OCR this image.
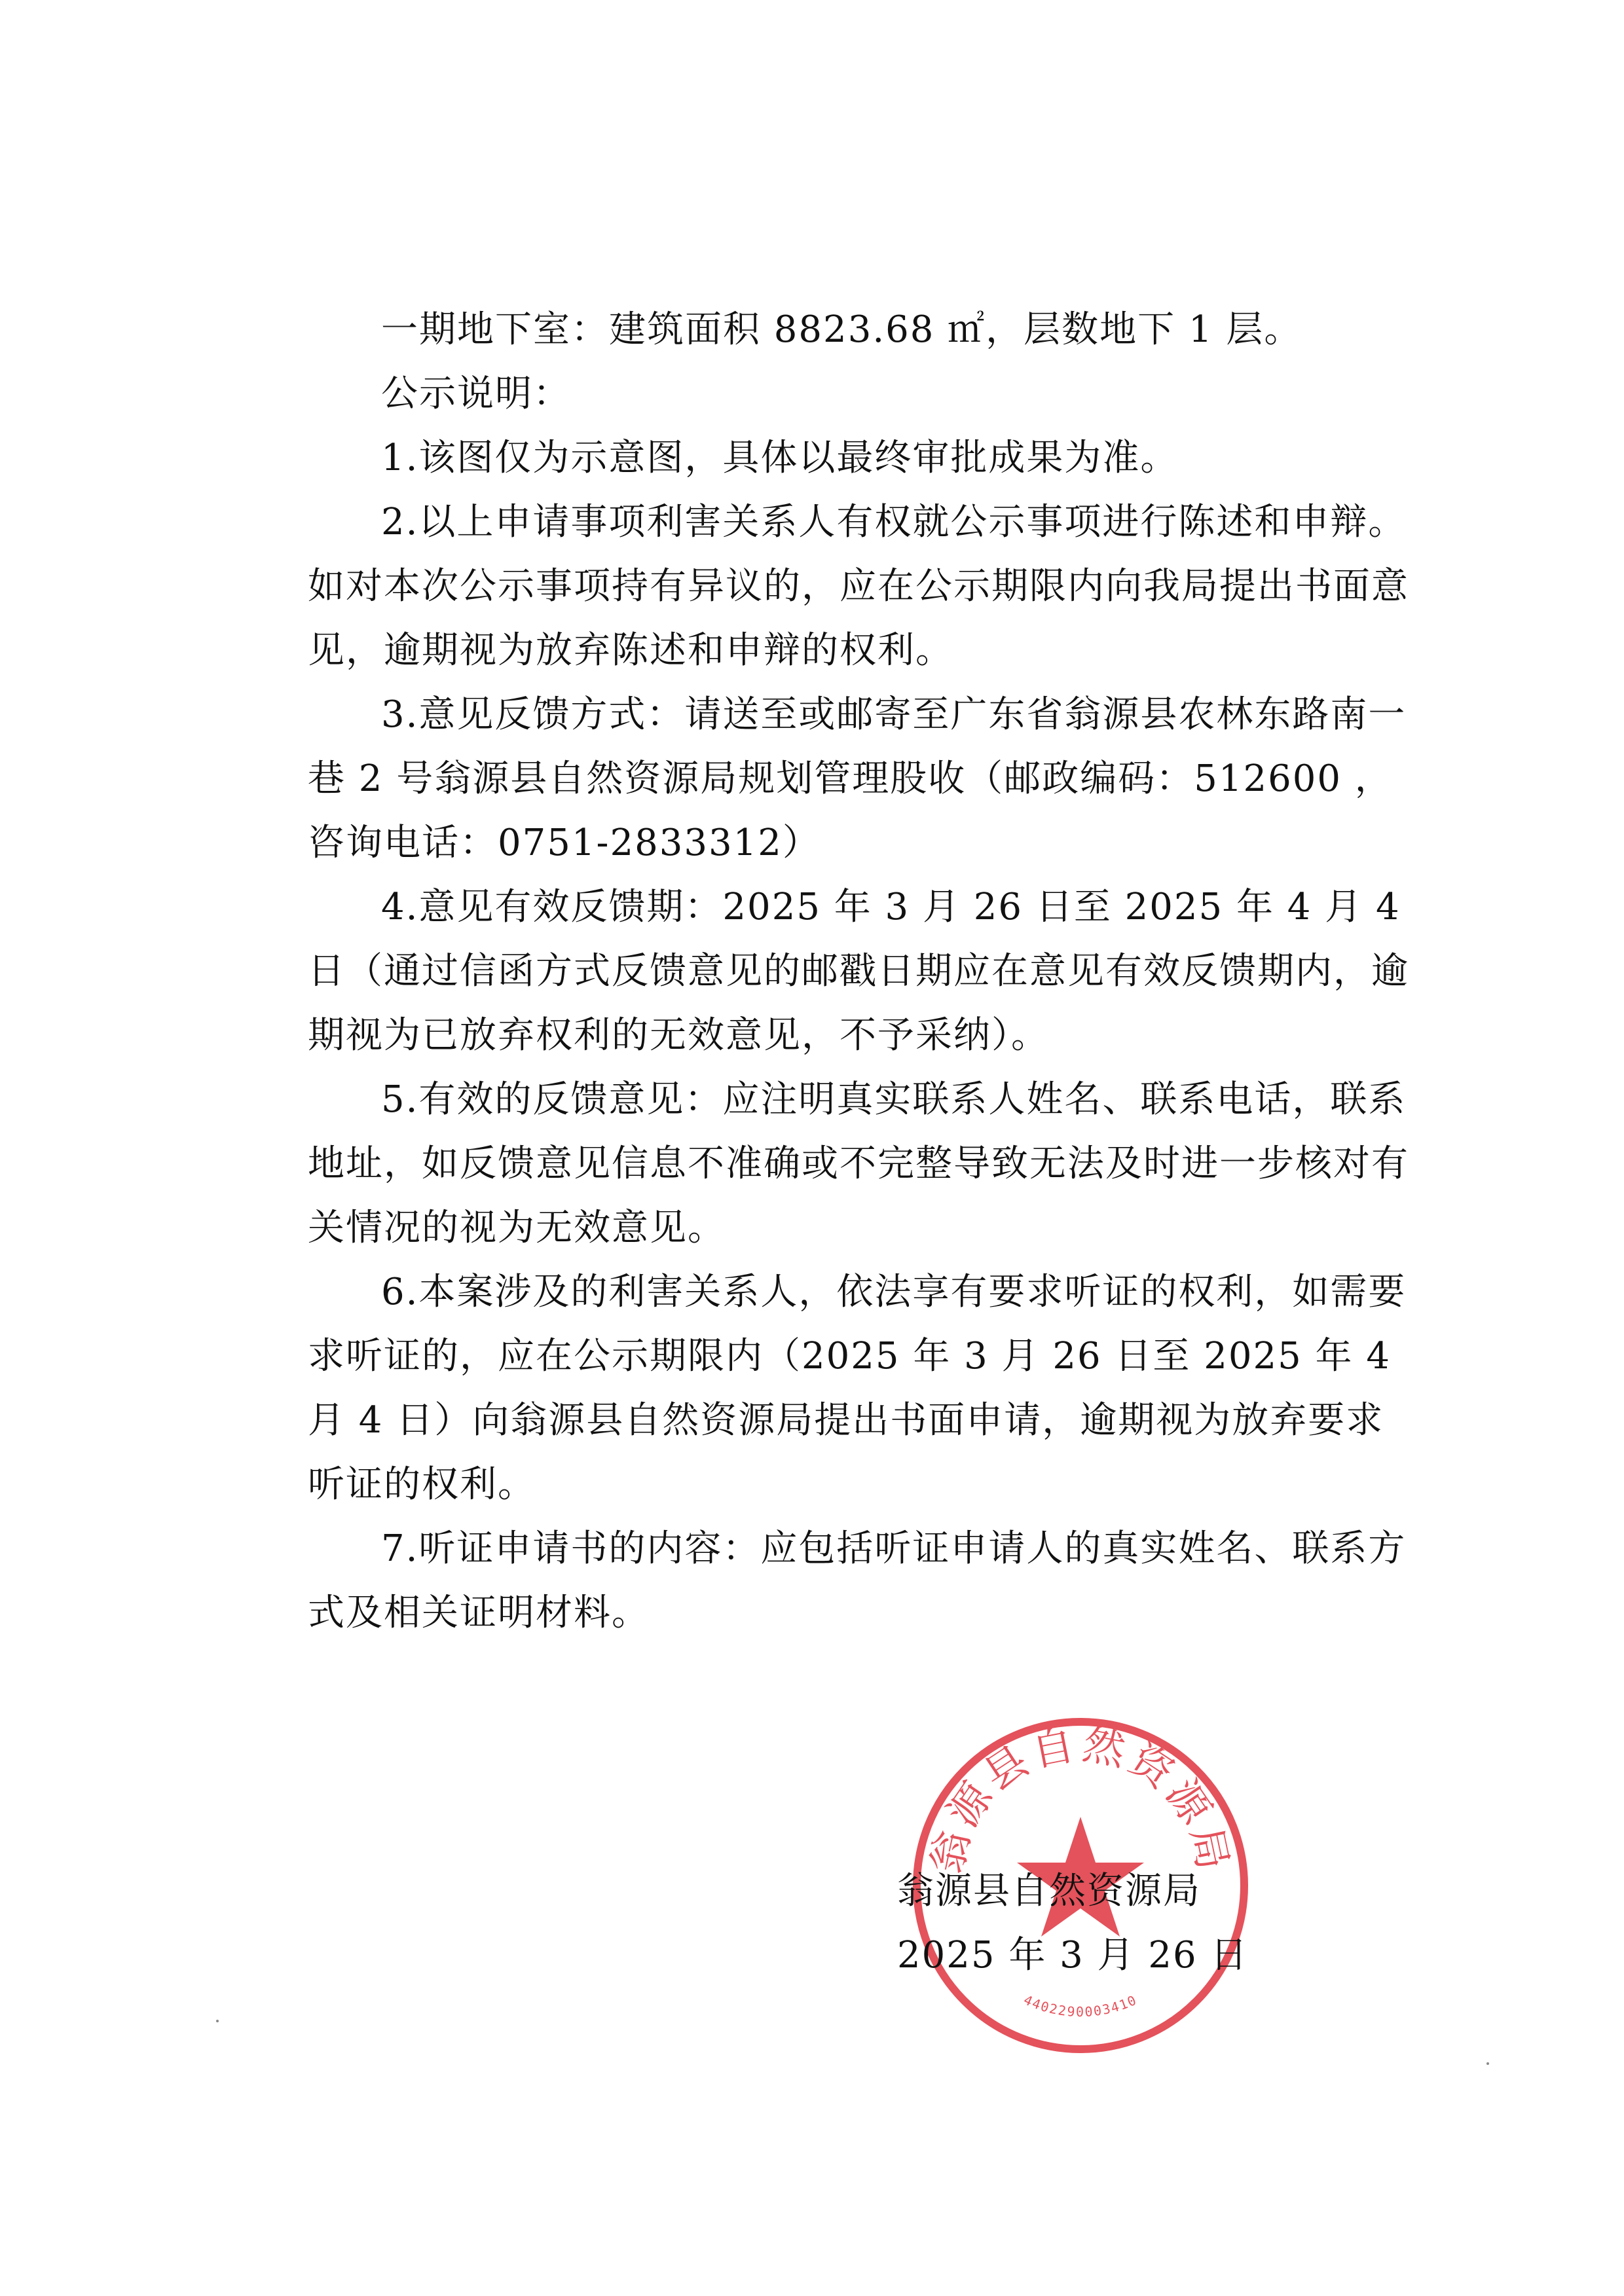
一期地下室：建筑面积 8823.68 ㎡，层数地下 1 层。

公示说明：

1.该图仅为示意图，具体以最终审批成果为准。

2.以上申请事项利害关系人有权就公示事项进行陈述和申辩。如对本次公示事项持有异议的，应在公示期限内向我局提出书面意见，逾期视为放弃陈述和申辩的权利。

3.意见反馈方式：请送至或邮寄至广东省翁源县农林东路南一巷 2 号翁源县自然资源局规划管理股收（邮政编码：512600 ，咨询电话：0751-2833312）

4.意见有效反馈期：2025 年 3 月 26 日至 2025 年 4 月 4 日（通过信函方式反馈意见的邮戳日期应在意见有效反馈期内，逾期视为已放弃权利的无效意见，不予采纳）。

5.有效的反馈意见：应注明真实联系人姓名、联系电话，联系地址，如反馈意见信息不准确或不完整导致无法及时进一步核对有关情况的视为无效意见。

6.本案涉及的利害关系人，依法享有要求听证的权利，如需要求听证的，应在公示期限内（2025 年 3 月 26 日至 2025 年 4 月 4 日）向翁源县自然资源局提出书面申请，逾期视为放弃要求听证的权利。

7.听证申请书的内容：应包括听证申请人的真实姓名、联系方式及相关证明材料。

翁源县自然资源局
4402290003410

翁源县自然资源局

2025 年 3 月 26 日
